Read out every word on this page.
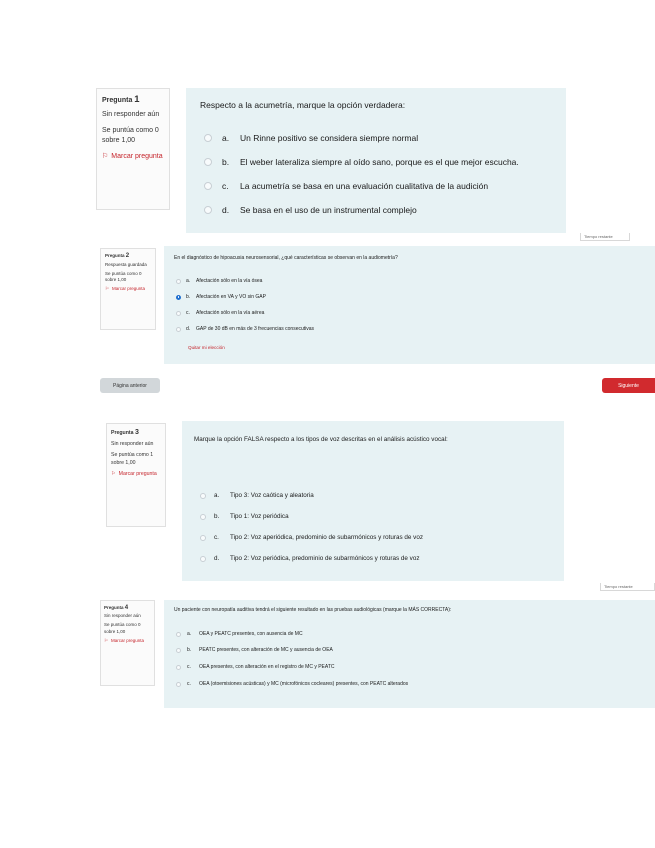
Pregunta 1
Sin responder aún
Se puntúa como 0 sobre 1,00
⚐ Marcar pregunta
Respecto a la acumetría, marque la opción verdadera:
a.	Un Rinne positivo se considera siempre normal
b.	El weber lateraliza siempre al oído sano, porque es el que mejor escucha.
c.	La acumetría se basa en una evaluación cualitativa de la audición
d.	Se basa en el uso de un instrumental complejo
Tiempo restante
Pregunta 2
Respuesta guardada
Se puntúa como 0 sobre 1,00
⚐ Marcar pregunta
En el diagnóstico de hipoacusia neurosensorial, ¿qué características se observan en la audiometría?
a.	Afectación sólo en la vía ósea
b.	Afectación en VA y VO sin GAP
c.	Afectación sólo en la vía aérea
d.	GAP de 30 dB en más de 3 frecuencias consecutivas
Quitar mi elección
Página anterior	Siguiente
Pregunta 3
Sin responder aún
Se puntúa como 1 sobre 1,00
⚐ Marcar pregunta
Marque la opción FALSA respecto a los tipos de voz descritas en el análisis acústico vocal:
a.	Tipo 3: Voz caótica y aleatoria
b.	Tipo 1: Voz periódica
c.	Tipo 2: Voz aperiódica, predominio de subarmónicos y roturas de voz
d.	Tipo 2: Voz periódica, predominio de subarmónicos y roturas de voz
Tiempo restante
Pregunta 4
Sin responder aún
Se puntúa como 0 sobre 1,00
⚐ Marcar pregunta
Un paciente con neuropatía auditiva tendrá el siguiente resultado en las pruebas audiológicas (marque la MÁS CORRECTA):
a.	OEA y PEATC presentes, con ausencia de MC
b.	PEATC presentes, con alteración de MC y ausencia de OEA
c.	OEA presentes, con alteración en el registro de MC y PEATC
c.	OEA (otoemisiones acústicas) y MC (microfónicos cocleares) presentes, con PEATC alterados
